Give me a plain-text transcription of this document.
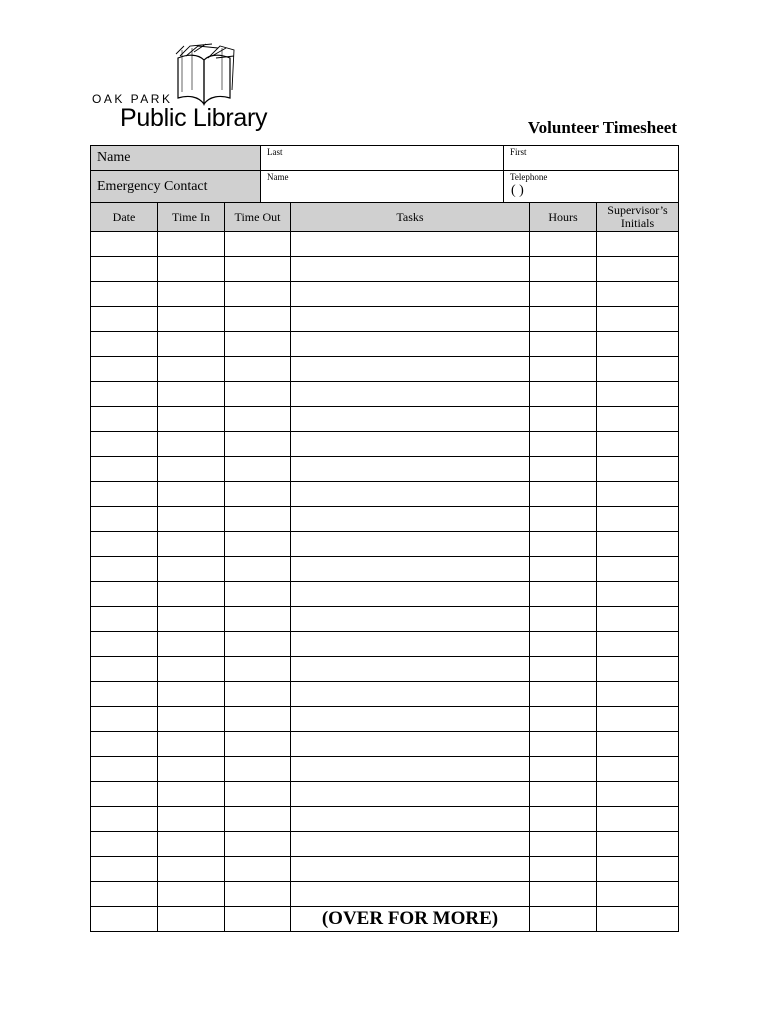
OAK PARK
Public Library	Volunteer Timesheet
Name	Last	First

Emergency Contact	Name	Telephone
( )
Date	Time In	Time Out	Tasks	Hours	Supervisor’s Initials

			(OVER FOR MORE)		
